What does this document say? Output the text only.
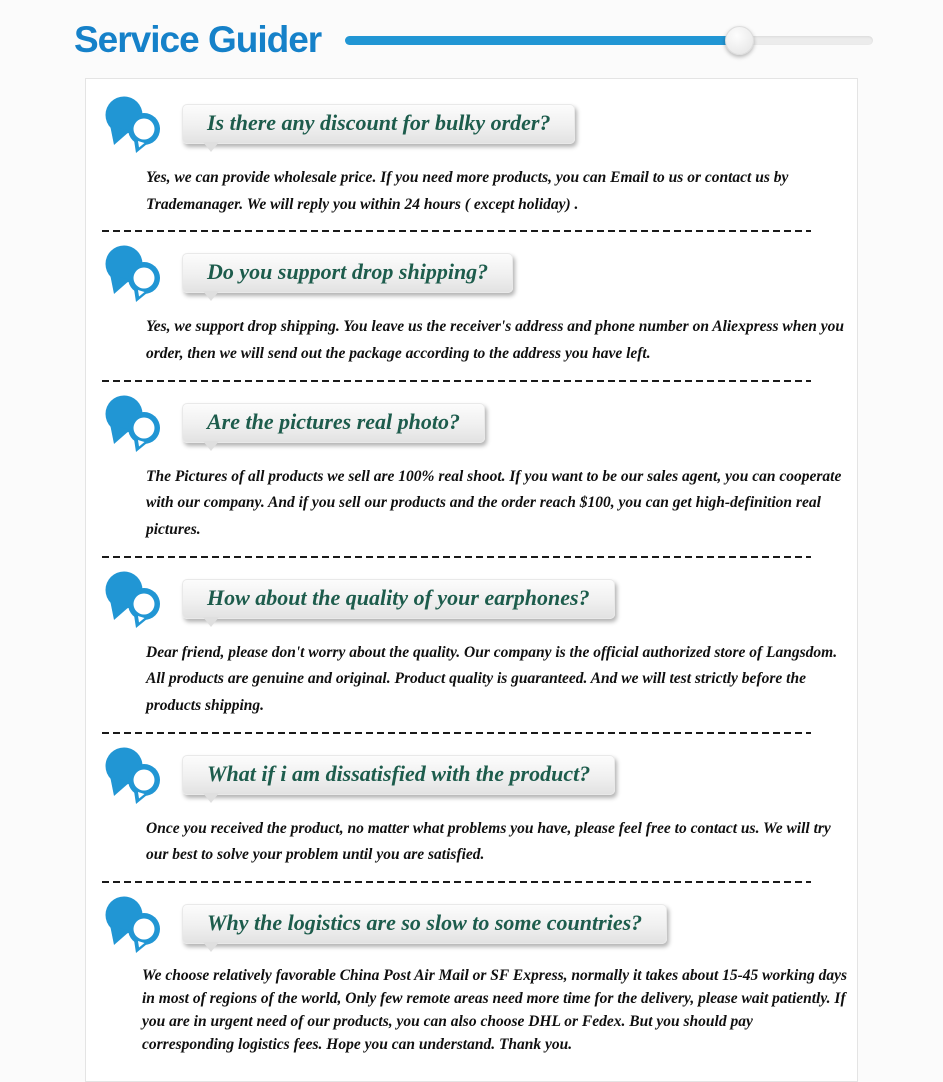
Service Guider
Is there any discount for bulky order?

Yes, we can provide wholesale price. If you need more products, you can Email to us or contact us by Trademanager. We will reply you within 24 hours ( except holiday) .

Do you support drop shipping?

Yes, we support drop shipping. You leave us the receiver's address and phone number on Aliexpress when you order, then we will send out the package according to the address you have left.

Are the pictures real photo?

The Pictures of all products we sell are 100% real shoot. If you want to be our sales agent, you can cooperate with our company. And if you sell our products and the order reach $100, you can get high-definition real pictures.

How about the quality of your earphones?

Dear friend, please don't worry about the quality. Our company is the official authorized store of Langsdom. All products are genuine and original. Product quality is guaranteed. And we will test strictly before the products shipping.

What if i am dissatisfied with the product?

Once you received the product, no matter what problems you have, please feel free to contact us. We will try our best to solve your problem until you are satisfied.

Why the logistics are so slow to some countries?

We choose relatively favorable China Post Air Mail or SF Express, normally it takes about 15-45 working days in most of regions of the world, Only few remote areas need more time for the delivery, please wait patiently. If you are in urgent need of our products, you can also choose DHL or Fedex. But you should pay corresponding logistics fees. Hope you can understand. Thank you.
